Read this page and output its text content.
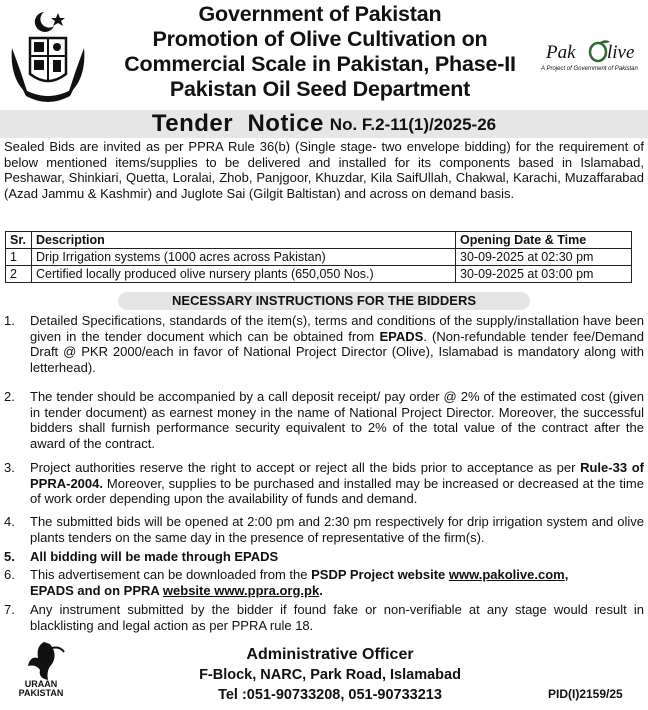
Government of Pakistan
Promotion of Olive Cultivation on
Commercial Scale in Pakistan, Phase-II
Pakistan Oil Seed Department
Pak live
A Project of Government of Pakistan
Tender  Notice No. F.2-11(1)/2025-26
Sealed Bids are invited as per PPRA Rule 36(b) (Single stage- two envelope bidding) for the requirement of below mentioned items/supplies to be delivered and installed for its components based in Islamabad, Peshawar, Shinkiari, Quetta, Loralai, Zhob, Panjgoor, Khuzdar, Kila SaifUllah, Chakwal, Karachi, Muzaffarabad (Azad Jammu & Kashmir) and Juglote Sai (Gilgit Baltistan) and across on demand basis.
Sr.	Description	Opening Date & Time
1	Drip Irrigation systems (1000 acres across Pakistan)	30-09-2025 at 02:30 pm
2	Certified locally produced olive nursery plants (650,050 Nos.)	30-09-2025 at 03:00 pm
NECESSARY INSTRUCTIONS FOR THE BIDDERS
1.	Detailed Specifications, standards of the item(s), terms and conditions of the supply/installation have been given in the tender document which can be obtained from EPADS. (Non-refundable tender fee/Demand Draft @ PKR 2000/each in favor of National Project Director (Olive), Islamabad is mandatory along with letterhead).
2.	The tender should be accompanied by a call deposit receipt/ pay order @ 2% of the estimated cost (given in tender document) as earnest money in the name of National Project Director. Moreover, the successful bidders shall furnish performance security equivalent to 2% of the total value of the contract after the award of the contract.
3.	Project authorities reserve the right to accept or reject all the bids prior to acceptance as per Rule-33 of PPRA-2004. Moreover, supplies to be purchased and installed may be increased or decreased at the time of work order depending upon the availability of funds and demand.
4.	The submitted bids will be opened at 2:00 pm and 2:30 pm respectively for drip irrigation system and olive plants tenders on the same day in the presence of representative of the firm(s).
5.	All bidding will be made through EPADS
6.	This advertisement can be downloaded from the PSDP Project website www.pakolive.com,
EPADS and on PPRA website www.ppra.org.pk.
7.	Any instrument submitted by the bidder if found fake or non-verifiable at any stage would result in blacklisting and legal action as per PPRA rule 18.
URAAN
PAKISTAN
Administrative Officer
F-Block, NARC, Park Road, Islamabad
Tel :051-90733208, 051-90733213	PID(I)2159/25
